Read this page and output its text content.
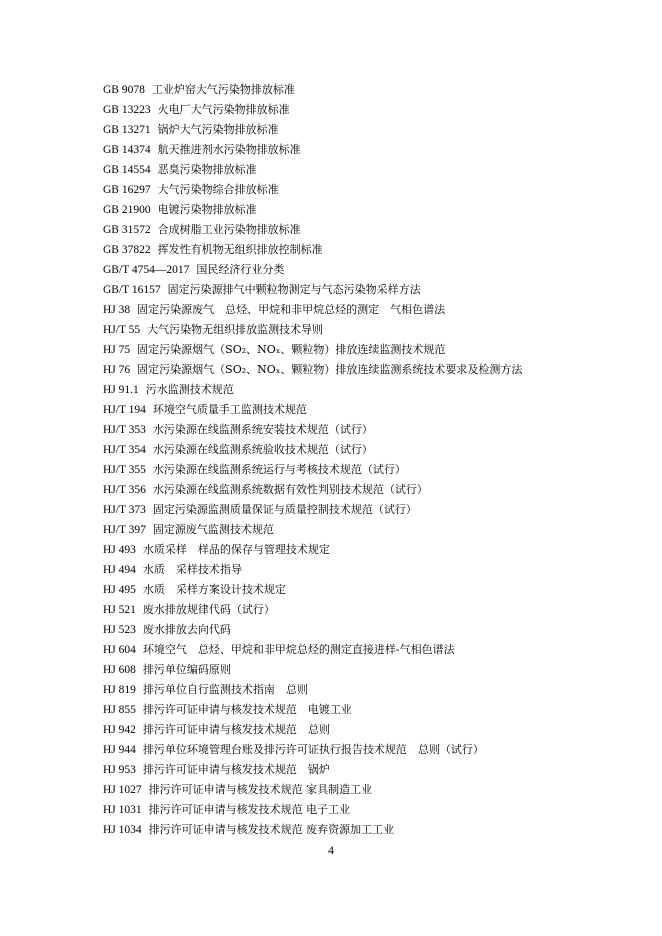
GB 9078 工业炉窑大气污染物排放标准
GB 13223 火电厂大气污染物排放标准
GB 13271 锅炉大气污染物排放标准
GB 14374 航天推进剂水污染物排放标准
GB 14554 恶臭污染物排放标准
GB 16297 大气污染物综合排放标准
GB 21900 电镀污染物排放标准
GB 31572 合成树脂工业污染物排放标准
GB 37822 挥发性有机物无组织排放控制标准
GB/T 4754—2017 国民经济行业分类
GB/T 16157 固定污染源排气中颗粒物测定与气态污染物采样方法
HJ 38 固定污染源废气　总烃、甲烷和非甲烷总烃的测定　气相色谱法
HJ/T 55 大气污染物无组织排放监测技术导则
HJ 75 固定污染源烟气（SO₂、NOₓ、颗粒物）排放连续监测技术规范
HJ 76 固定污染源烟气（SO₂、NOₓ、颗粒物）排放连续监测系统技术要求及检测方法
HJ 91.1 污水监测技术规范
HJ/T 194 环境空气质量手工监测技术规范
HJ/T 353 水污染源在线监测系统安装技术规范（试行）
HJ/T 354 水污染源在线监测系统验收技术规范（试行）
HJ/T 355 水污染源在线监测系统运行与考核技术规范（试行）
HJ/T 356 水污染源在线监测系统数据有效性判别技术规范（试行）
HJ/T 373 固定污染源监测质量保证与质量控制技术规范（试行）
HJ/T 397 固定源废气监测技术规范
HJ 493 水质采样　样品的保存与管理技术规定
HJ 494 水质　采样技术指导
HJ 495 水质　采样方案设计技术规定
HJ 521 废水排放规律代码（试行）
HJ 523 废水排放去向代码
HJ 604 环境空气　总烃、甲烷和非甲烷总烃的测定直接进样-气相色谱法
HJ 608 排污单位编码原则
HJ 819 排污单位自行监测技术指南　总则
HJ 855 排污许可证申请与核发技术规范　电镀工业
HJ 942 排污许可证申请与核发技术规范　总则
HJ 944 排污单位环境管理台账及排污许可证执行报告技术规范　总则（试行）
HJ 953 排污许可证申请与核发技术规范　锅炉
HJ 1027 排污许可证申请与核发技术规范 家具制造工业
HJ 1031 排污许可证申请与核发技术规范 电子工业
HJ 1034 排污许可证申请与核发技术规范 废弃资源加工工业
4
